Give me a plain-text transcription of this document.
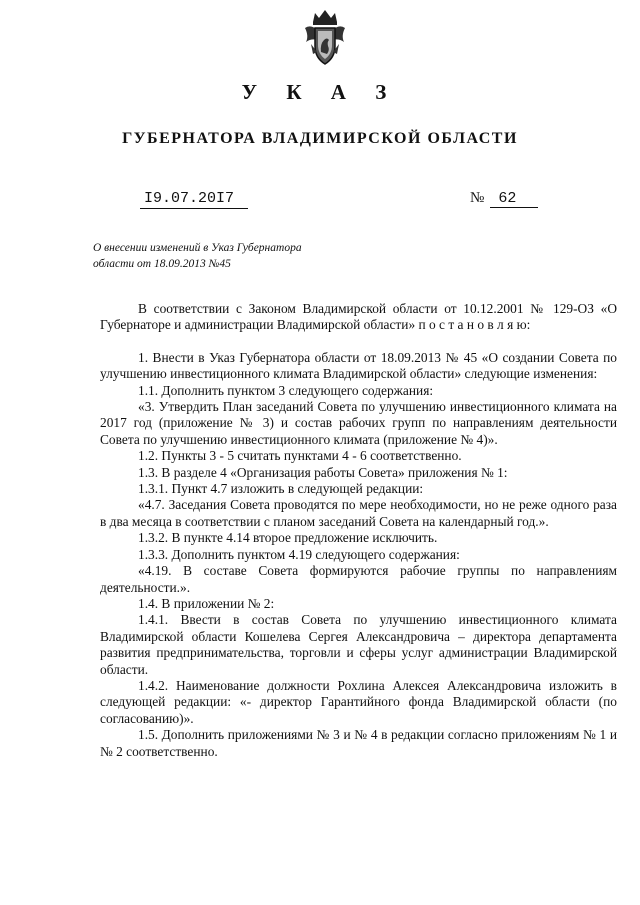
У К А З
ГУБЕРНАТОРА ВЛАДИМИРСКОЙ ОБЛАСТИ
I9.07.20I7	№ 62
О внесении изменений в Указ Губернатора
области от 18.09.2013 №45

В соответствии с Законом Владимирской области от 10.12.2001 № 129-ОЗ «О Губернаторе и администрации Владимирской области» п о с т а н о в л я ю:

1. Внести в Указ Губернатора области от 18.09.2013 № 45 «О создании Совета по улучшению инвестиционного климата Владимирской области» следующие изменения:

1.1. Дополнить пунктом 3 следующего содержания:

«3. Утвердить План заседаний Совета по улучшению инвестиционного климата на 2017 год (приложение № 3) и состав рабочих групп по направлениям деятельности Совета по улучшению инвестиционного климата (приложение № 4)».

1.2. Пункты 3 - 5 считать пунктами 4 - 6 соответственно.

1.3. В разделе 4 «Организация работы Совета» приложения № 1:

1.3.1. Пункт 4.7 изложить в следующей редакции:

«4.7. Заседания Совета проводятся по мере необходимости, но не реже одного раза в два месяца в соответствии с планом заседаний Совета на календарный год.».

1.3.2. В пункте 4.14 второе предложение исключить.

1.3.3. Дополнить пунктом 4.19 следующего содержания:

«4.19. В составе Совета формируются рабочие группы по направлениям деятельности.».

1.4. В приложении № 2:

1.4.1. Ввести в состав Совета по улучшению инвестиционного климата Владимирской области Кошелева Сергея Александровича – директора департамента развития предпринимательства, торговли и сферы услуг администрации Владимирской области.

1.4.2. Наименование должности Рохлина Алексея Александровича изложить в следующей редакции: «- директор Гарантийного фонда Владимирской области (по согласованию)».

1.5. Дополнить приложениями № 3 и № 4 в редакции согласно приложениям № 1 и № 2 соответственно.
